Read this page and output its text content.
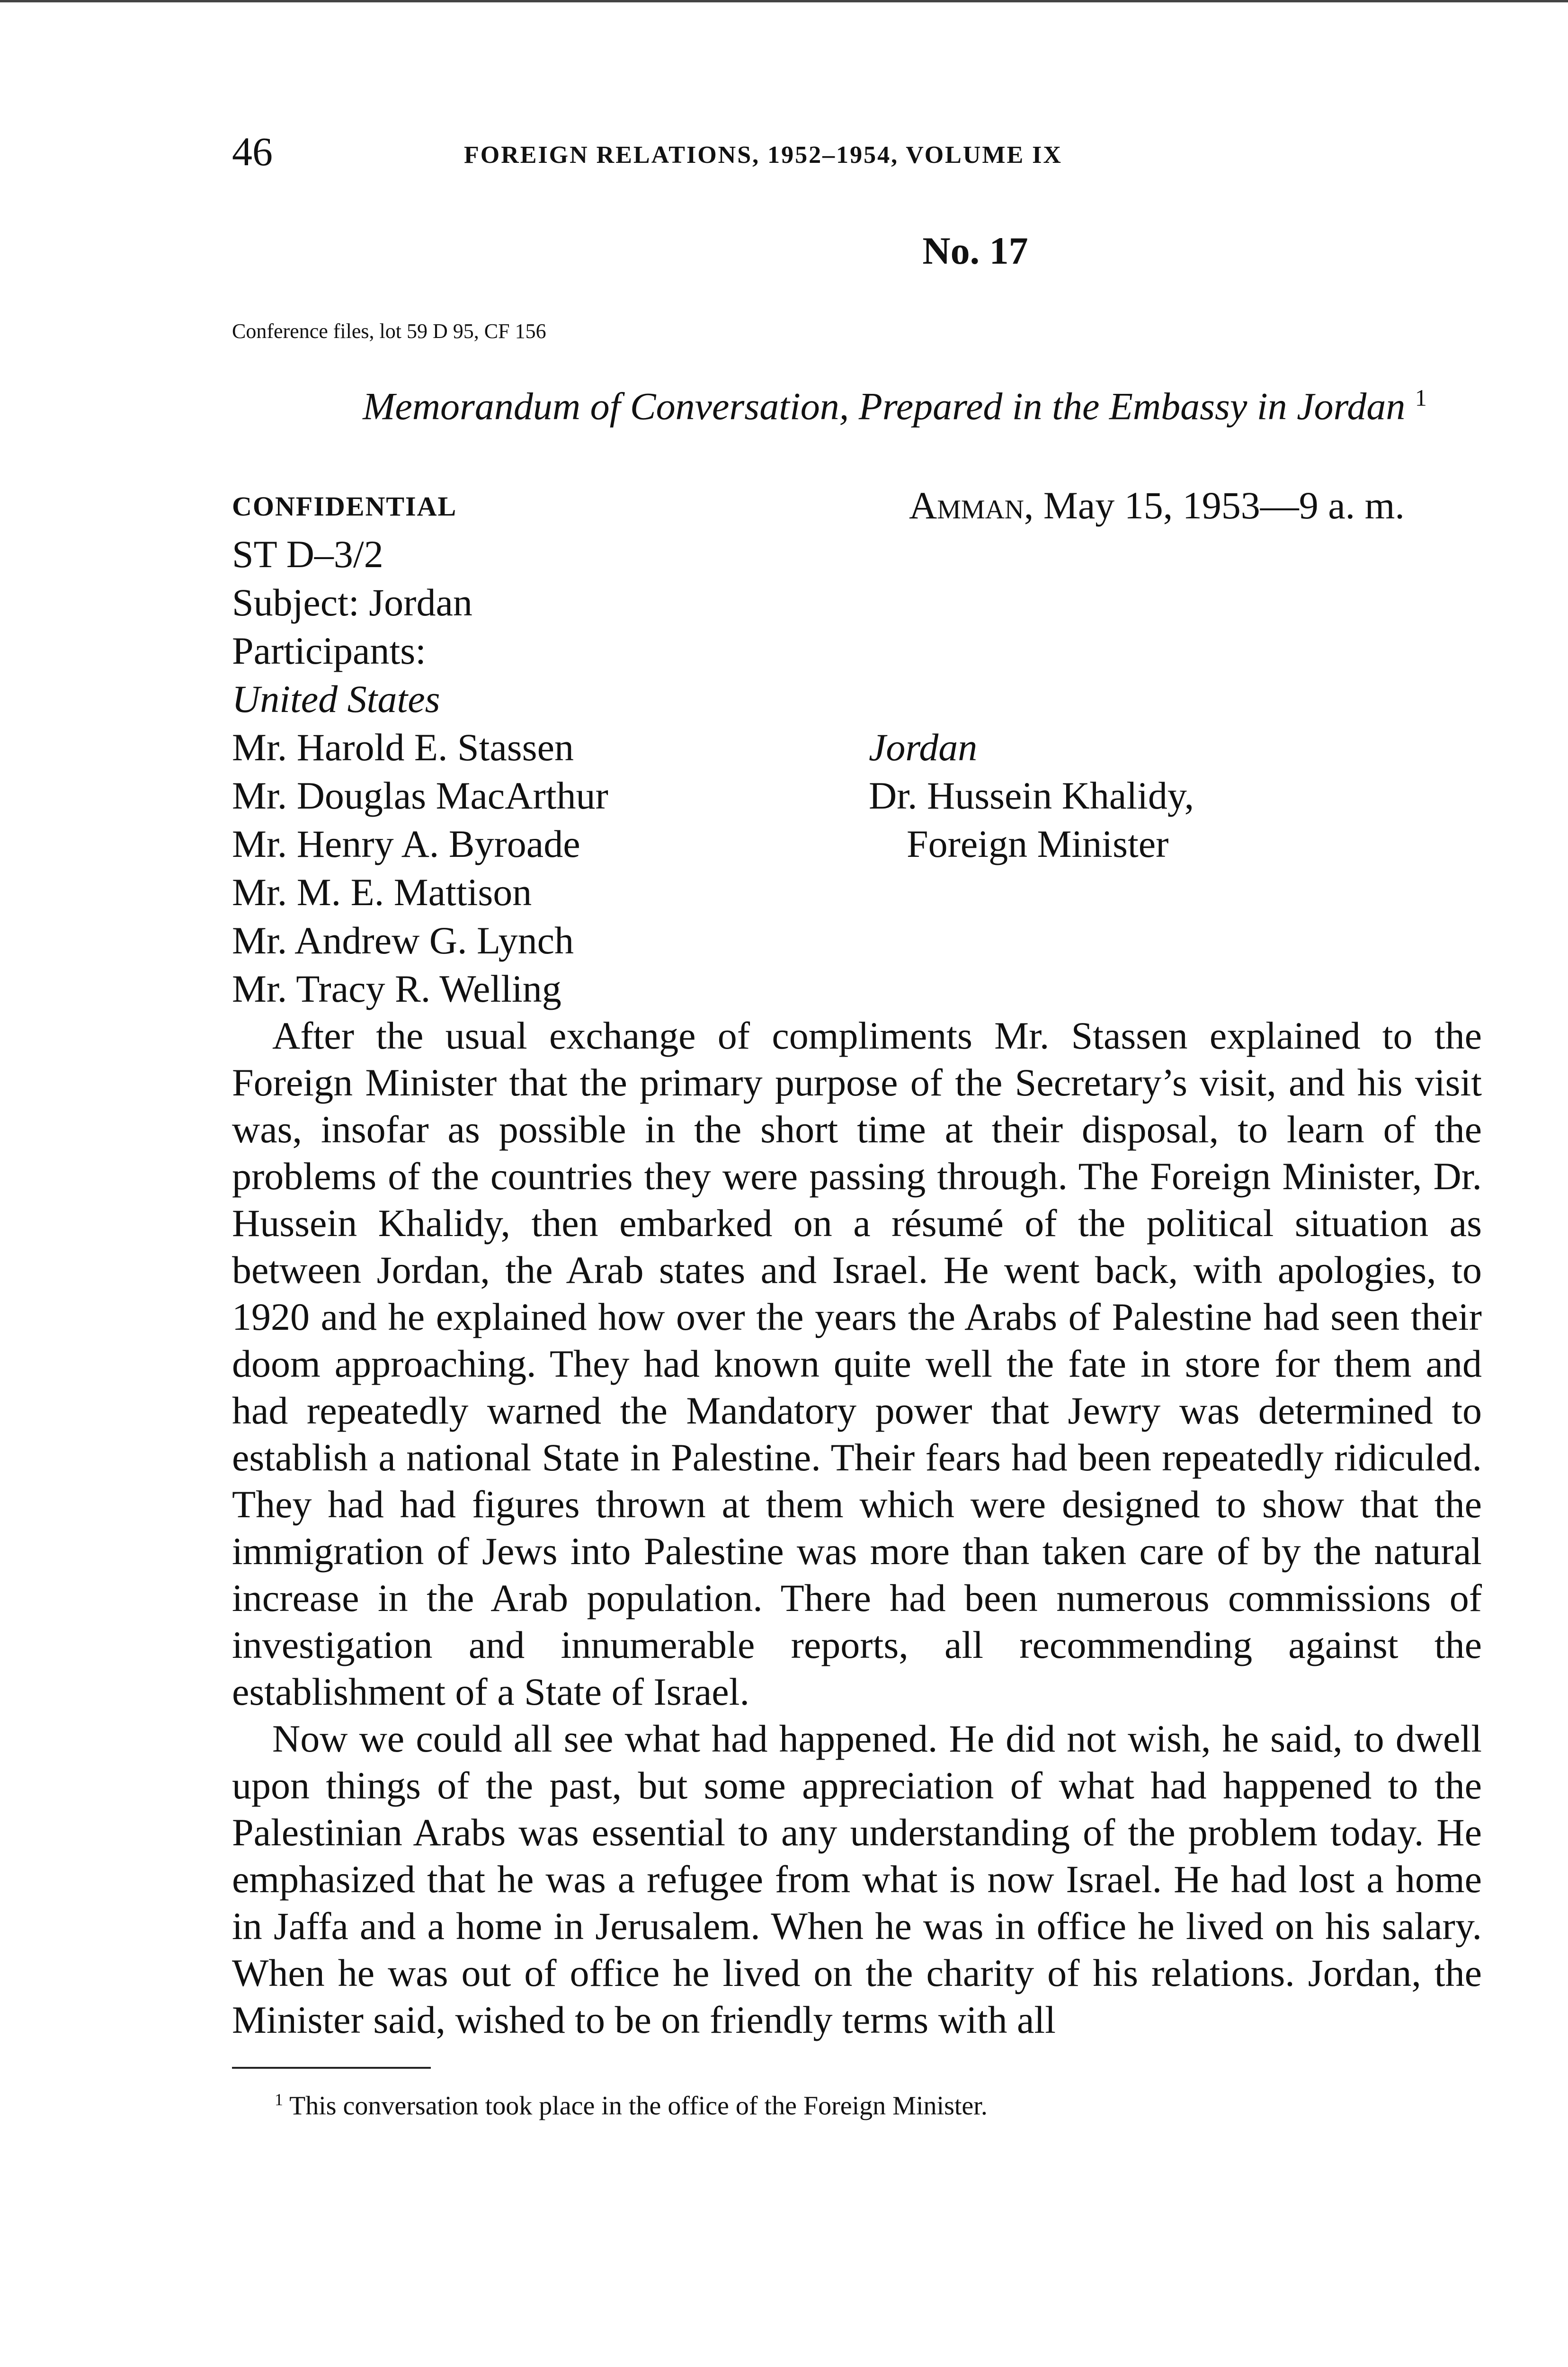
46	FOREIGN RELATIONS, 1952–1954, VOLUME IX
No. 17
Conference files, lot 59 D 95, CF 156
Memorandum of Conversation, Prepared in the Embassy in Jordan $^1$
CONFIDENTIAL	Amman, May 15, 1953—9 a. m.
ST D–3/2
Subject: Jordan
Participants:
United States
Mr. Harold E. Stassen
Mr. Douglas MacArthur
Mr. Henry A. Byroade
Mr. M. E. Mattison
Mr. Andrew G. Lynch
Mr. Tracy R. Welling
Jordan
Dr. Hussein Khalidy,
Foreign Minister

After the usual exchange of compliments Mr. Stassen explained to the Foreign Minister that the primary purpose of the Secretary’s visit, and his visit was, insofar as possible in the short time at their disposal, to learn of the problems of the countries they were passing through. The Foreign Minister, Dr. Hussein Khalidy, then embarked on a résumé of the political situation as between Jordan, the Arab states and Israel. He went back, with apologies, to 1920 and he explained how over the years the Arabs of Palestine had seen their doom approaching. They had known quite well the fate in store for them and had repeatedly warned the Mandatory power that Jewry was determined to establish a national State in Palestine. Their fears had been repeatedly ridiculed. They had had figures thrown at them which were designed to show that the immigration of Jews into Palestine was more than taken care of by the natural increase in the Arab population. There had been numerous commissions of investigation and innumerable reports, all recommending against the establishment of a State of Israel.

Now we could all see what had happened. He did not wish, he said, to dwell upon things of the past, but some appreciation of what had happened to the Palestinian Arabs was essential to any understanding of the problem today. He emphasized that he was a refugee from what is now Israel. He had lost a home in Jaffa and a home in Jerusalem. When he was in office he lived on his salary. When he was out of office he lived on the charity of his relations. Jordan, the Minister said, wished to be on friendly terms with all

$^1$ This conversation took place in the office of the Foreign Minister.
